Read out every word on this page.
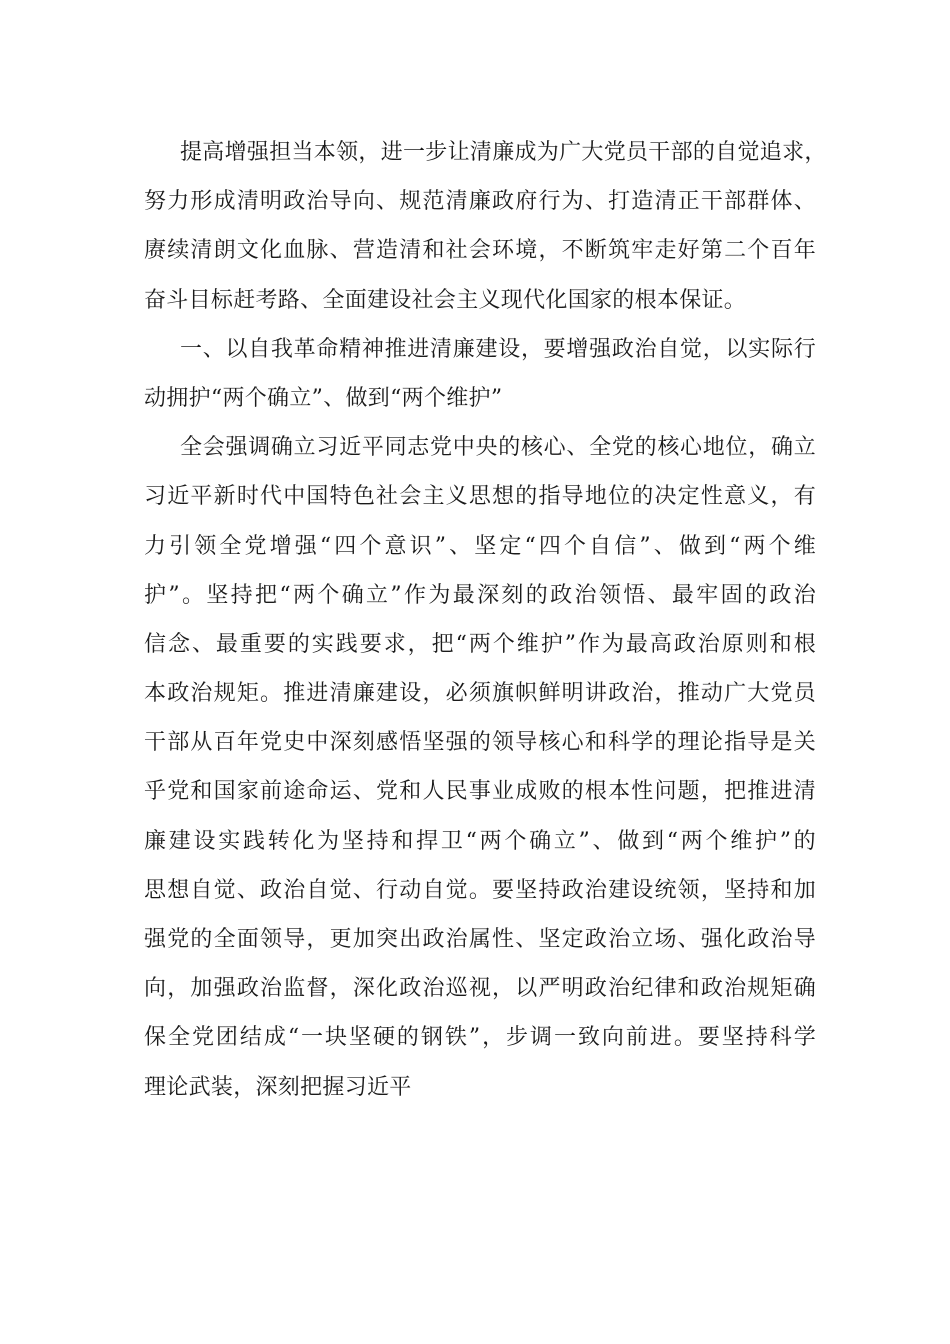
提高增强担当本领，进一步让清廉成为广大党员干部的自觉追求，
努力形成清明政治导向、规范清廉政府行为、打造清正干部群体、
赓续清朗文化血脉、营造清和社会环境，不断筑牢走好第二个百年
奋斗目标赶考路、全面建设社会主义现代化国家的根本保证。
一、以自我革命精神推进清廉建设，要增强政治自觉，以实际行
动拥护“两个确立”、做到“两个维护”
全会强调确立习近平同志党中央的核心、全党的核心地位，确立
习近平新时代中国特色社会主义思想的指导地位的决定性意义，有
力引领全党增强“四个意识”、坚定“四个自信”、做到“两个维
护”。坚持把“两个确立”作为最深刻的政治领悟、最牢固的政治
信念、最重要的实践要求，把“两个维护”作为最高政治原则和根
本政治规矩。推进清廉建设，必须旗帜鲜明讲政治，推动广大党员
干部从百年党史中深刻感悟坚强的领导核心和科学的理论指导是关
乎党和国家前途命运、党和人民事业成败的根本性问题，把推进清
廉建设实践转化为坚持和捍卫“两个确立”、做到“两个维护”的
思想自觉、政治自觉、行动自觉。要坚持政治建设统领，坚持和加
强党的全面领导，更加突出政治属性、坚定政治立场、强化政治导
向，加强政治监督，深化政治巡视，以严明政治纪律和政治规矩确
保全党团结成“一块坚硬的钢铁”，步调一致向前进。要坚持科学
理论武装，深刻把握习近平
